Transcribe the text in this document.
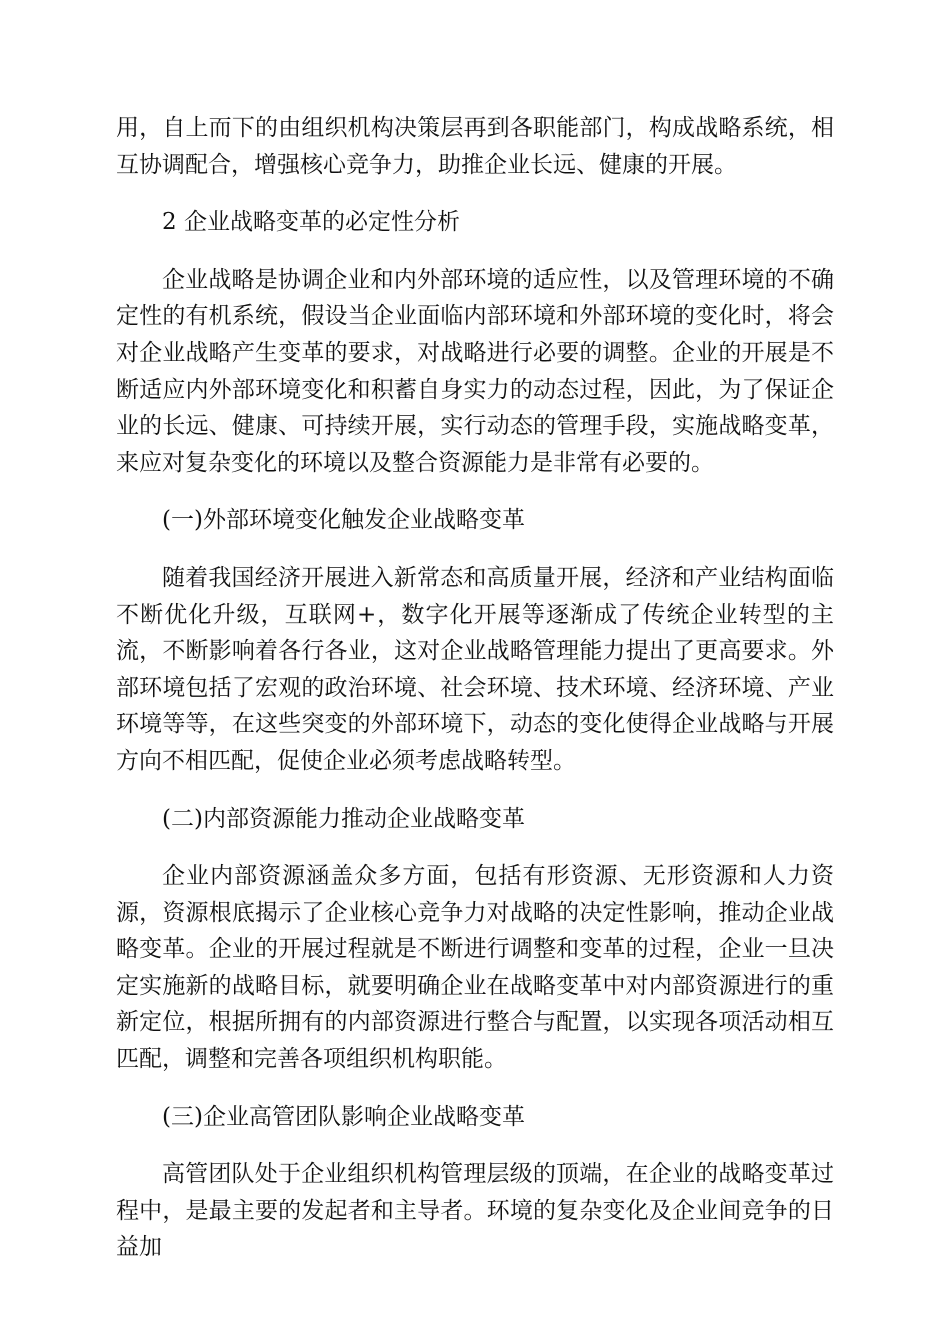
用，自上而下的由组织机构决策层再到各职能部门，构成战略系统，相互协调配合，增强核心竞争力，助推企业长远、健康的开展。

2 企业战略变革的必定性分析

企业战略是协调企业和内外部环境的适应性，以及管理环境的不确定性的有机系统，假设当企业面临内部环境和外部环境的变化时，将会对企业战略产生变革的要求，对战略进行必要的调整。企业的开展是不断适应内外部环境变化和积蓄自身实力的动态过程，因此，为了保证企业的长远、健康、可持续开展，实行动态的管理手段，实施战略变革，来应对复杂变化的环境以及整合资源能力是非常有必要的。

(一)外部环境变化触发企业战略变革

随着我国经济开展进入新常态和高质量开展，经济和产业结构面临不断优化升级，互联网+，数字化开展等逐渐成了传统企业转型的主流，不断影响着各行各业，这对企业战略管理能力提出了更高要求。外部环境包括了宏观的政治环境、社会环境、技术环境、经济环境、产业环境等等，在这些突变的外部环境下，动态的变化使得企业战略与开展方向不相匹配，促使企业必须考虑战略转型。

(二)内部资源能力推动企业战略变革

企业内部资源涵盖众多方面，包括有形资源、无形资源和人力资源，资源根底揭示了企业核心竞争力对战略的决定性影响，推动企业战略变革。企业的开展过程就是不断进行调整和变革的过程，企业一旦决定实施新的战略目标，就要明确企业在战略变革中对内部资源进行的重新定位，根据所拥有的内部资源进行整合与配置，以实现各项活动相互匹配，调整和完善各项组织机构职能。

(三)企业高管团队影响企业战略变革

高管团队处于企业组织机构管理层级的顶端，在企业的战略变革过程中，是最主要的发起者和主导者。环境的复杂变化及企业间竞争的日益加
